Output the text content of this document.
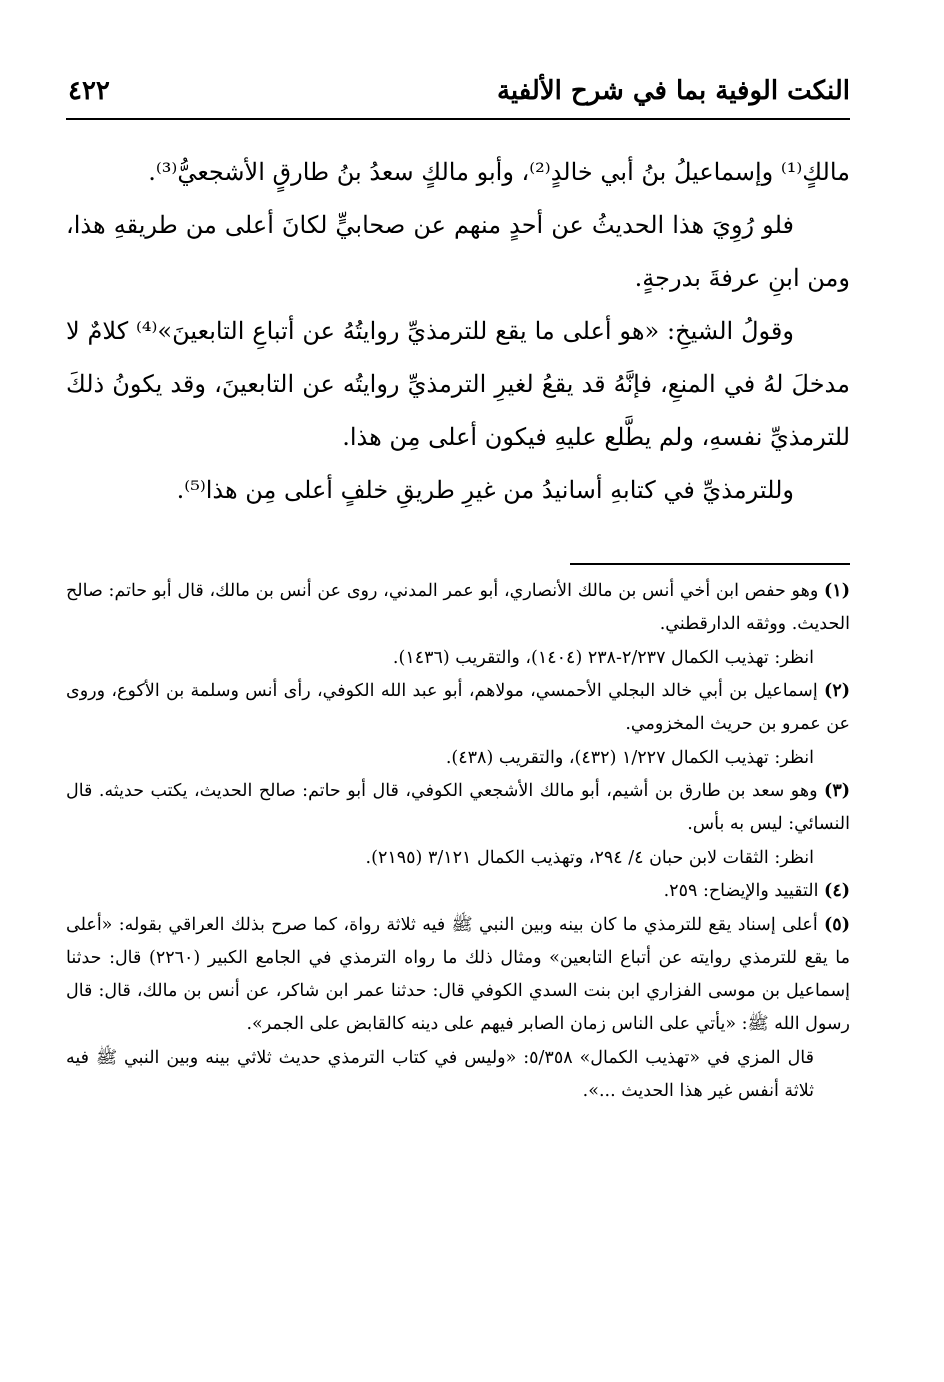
النكت الوفية بما في شرح الألفية
٤٢٢

مالكٍ⁽¹⁾ وإسماعيلُ بنُ أبي خالدٍ⁽²⁾، وأبو مالكٍ سعدُ بنُ طارقٍ الأشجعيُّ⁽³⁾.

فلو رُوِيَ هذا الحديثُ عن أحدٍ منهم عن صحابيٍّ لكانَ أعلى من طريقهِ هذا، ومن ابنِ عرفةَ بدرجةٍ.

وقولُ الشيخِ: «هو أعلى ما يقع للترمذيِّ روايتُهُ عن أتباعِ التابعينَ»⁽⁴⁾ كلامٌ لا مدخلَ لهُ في المنعِ، فإنَّهُ قد يقعُ لغيرِ الترمذيِّ روايتُه عن التابعينَ، وقد يكونُ ذلكَ للترمذيِّ نفسهِ، ولم يطَّلع عليهِ فيكون أعلى مِن هذا.

وللترمذيِّ في كتابهِ أسانيدُ من غيرِ طريقِ خلفٍ أعلى مِن هذا⁽⁵⁾.

(١) وهو حفص ابن أخي أنس بن مالك الأنصاري، أبو عمر المدني، روى عن أنس بن مالك، قال أبو حاتم: صالح الحديث. ووثقه الدارقطني.

انظر: تهذيب الكمال ٢/٢٣٧-٢٣٨ (١٤٠٤)، والتقريب (١٤٣٦).

(٢) إسماعيل بن أبي خالد البجلي الأحمسي، مولاهم، أبو عبد الله الكوفي، رأى أنس وسلمة بن الأكوع، وروى عن عمرو بن حريث المخزومي.

انظر: تهذيب الكمال ١/٢٢٧ (٤٣٢)، والتقريب (٤٣٨).

(٣) وهو سعد بن طارق بن أشيم، أبو مالك الأشجعي الكوفي، قال أبو حاتم: صالح الحديث، يكتب حديثه. قال النسائي: ليس به بأس.

انظر: الثقات لابن حبان ٤/ ٢٩٤، وتهذيب الكمال ٣/١٢١ (٢١٩٥).

(٤) التقييد والإيضاح: ٢٥٩.

(٥) أعلى إسناد يقع للترمذي ما كان بينه وبين النبي ﷺ فيه ثلاثة رواة، كما صرح بذلك العراقي بقوله: «أعلى ما يقع للترمذي روايته عن أتباع التابعين» ومثال ذلك ما رواه الترمذي في الجامع الكبير (٢٢٦٠) قال: حدثنا إسماعيل بن موسى الفزاري ابن بنت السدي الكوفي قال: حدثنا عمر ابن شاكر، عن أنس بن مالك، قال: قال رسول الله ﷺ: «يأتي على الناس زمان الصابر فيهم على دينه كالقابض على الجمر».

قال المزي في «تهذيب الكمال» ٥/٣٥٨: «وليس في كتاب الترمذي حديث ثلاثي بينه وبين النبي ﷺ فيه ثلاثة أنفس غير هذا الحديث ...».
